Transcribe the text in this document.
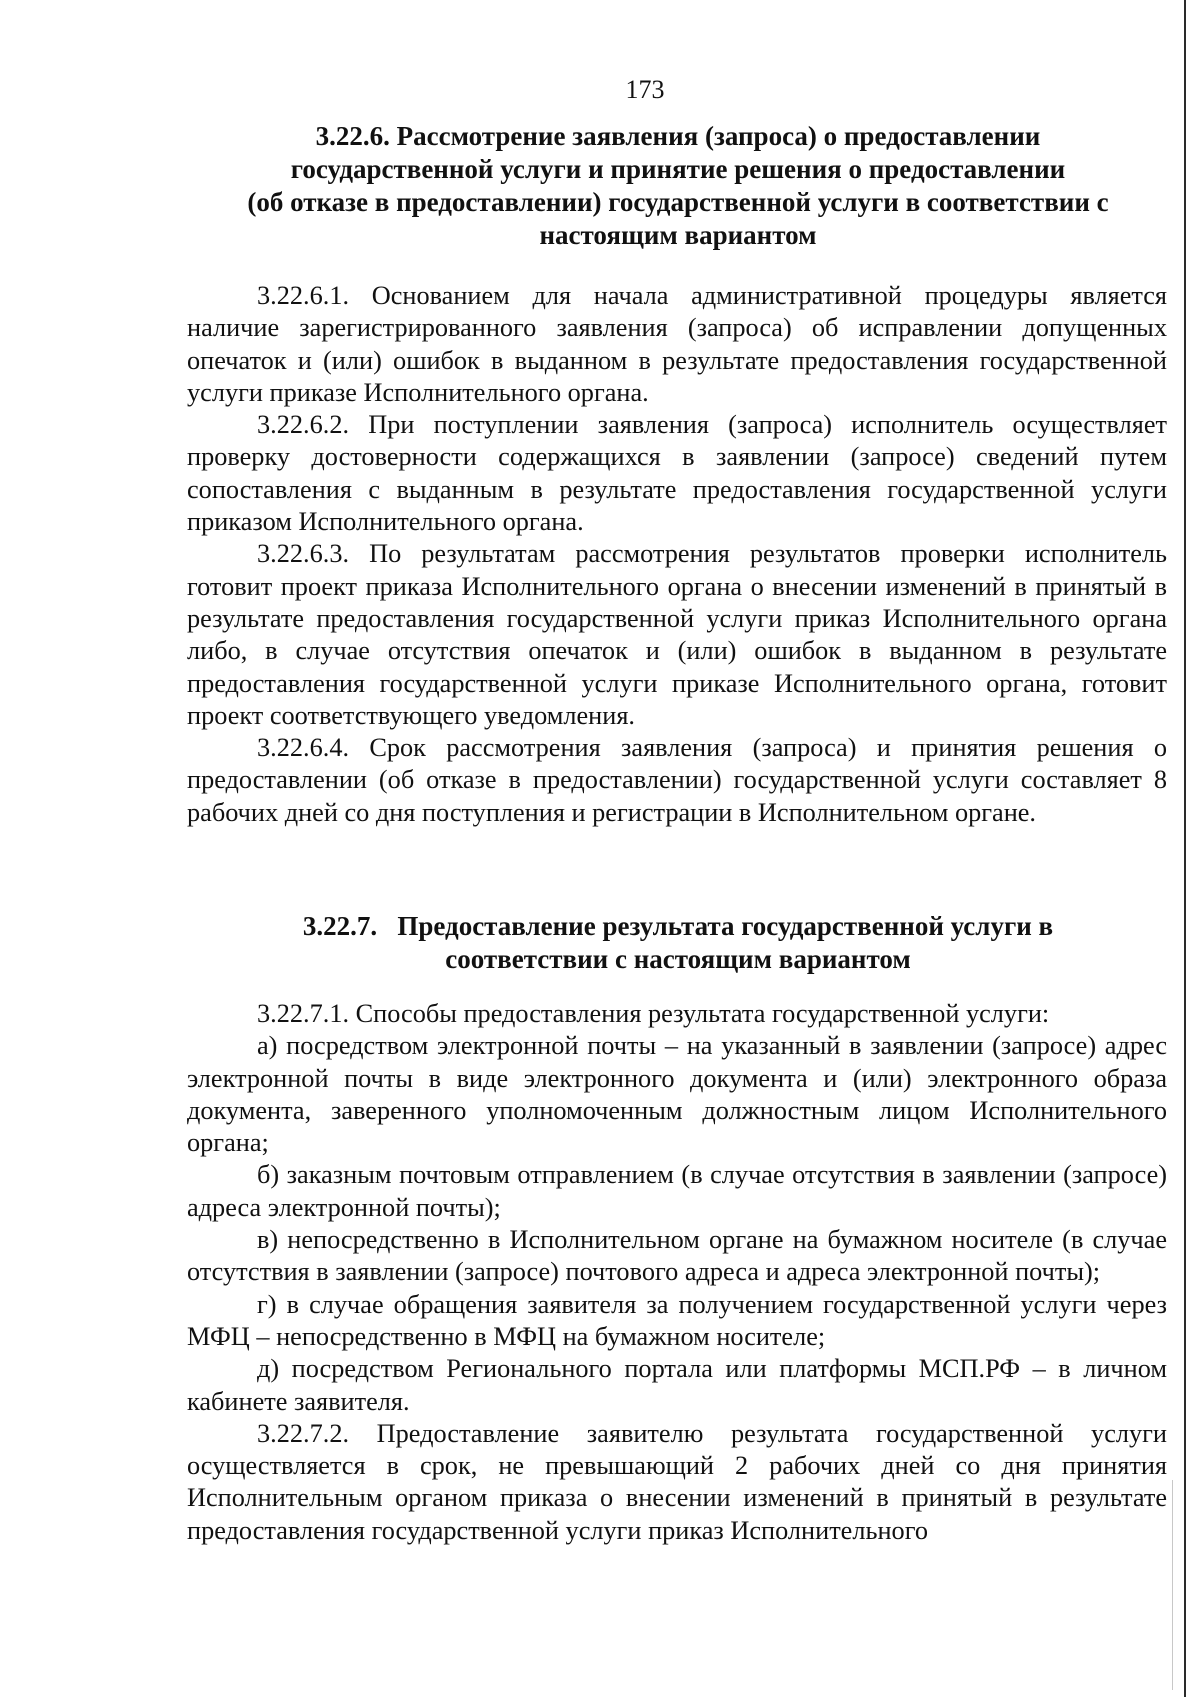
173
3.22.6. Рассмотрение заявления (запроса) о предоставлении
государственной услуги и принятие решения о предоставлении
(об отказе в предоставлении) государственной услуги в соответствии с
настоящим вариантом

3.22.6.1. Основанием для начала административной процедуры является наличие зарегистрированного заявления (запроса) об исправлении допущенных опечаток и (или) ошибок в выданном в результате предоставления государственной услуги приказе Исполнительного органа.

3.22.6.2. При поступлении заявления (запроса) исполнитель осуществляет проверку достоверности содержащихся в заявлении (запросе) сведений путем сопоставления с выданным в результате предоставления государственной услуги приказом Исполнительного органа.

3.22.6.3. По результатам рассмотрения результатов проверки исполнитель готовит проект приказа Исполнительного органа о внесении изменений в принятый в результате предоставления государственной услуги приказ Исполнительного органа либо, в случае отсутствия опечаток и (или) ошибок в выданном в результате предоставления государственной услуги приказе Исполнительного органа, готовит проект соответствующего уведомления.

3.22.6.4. Срок рассмотрения заявления (запроса) и принятия решения о предоставлении (об отказе в предоставлении) государственной услуги составляет 8 рабочих дней со дня поступления и регистрации в Исполнительном органе.

3.22.7.   Предоставление результата государственной услуги в
соответствии с настоящим вариантом

3.22.7.1. Способы предоставления результата государственной услуги:

а) посредством электронной почты – на указанный в заявлении (запросе) адрес электронной почты в виде электронного документа и (или) электронного образа документа, заверенного уполномоченным должностным лицом Исполнительного органа;

б) заказным почтовым отправлением (в случае отсутствия в заявлении (запросе) адреса электронной почты);

в) непосредственно в Исполнительном органе на бумажном носителе (в случае отсутствия в заявлении (запросе) почтового адреса и адреса электронной почты);

г) в случае обращения заявителя за получением государственной услуги через МФЦ – непосредственно в МФЦ на бумажном носителе;

д) посредством Регионального портала или платформы МСП.РФ – в личном кабинете заявителя.

3.22.7.2. Предоставление заявителю результата государственной услуги осуществляется в срок, не превышающий 2 рабочих дней со дня принятия Исполнительным органом приказа о внесении изменений в принятый в результате предоставления государственной услуги приказ Исполнительного
